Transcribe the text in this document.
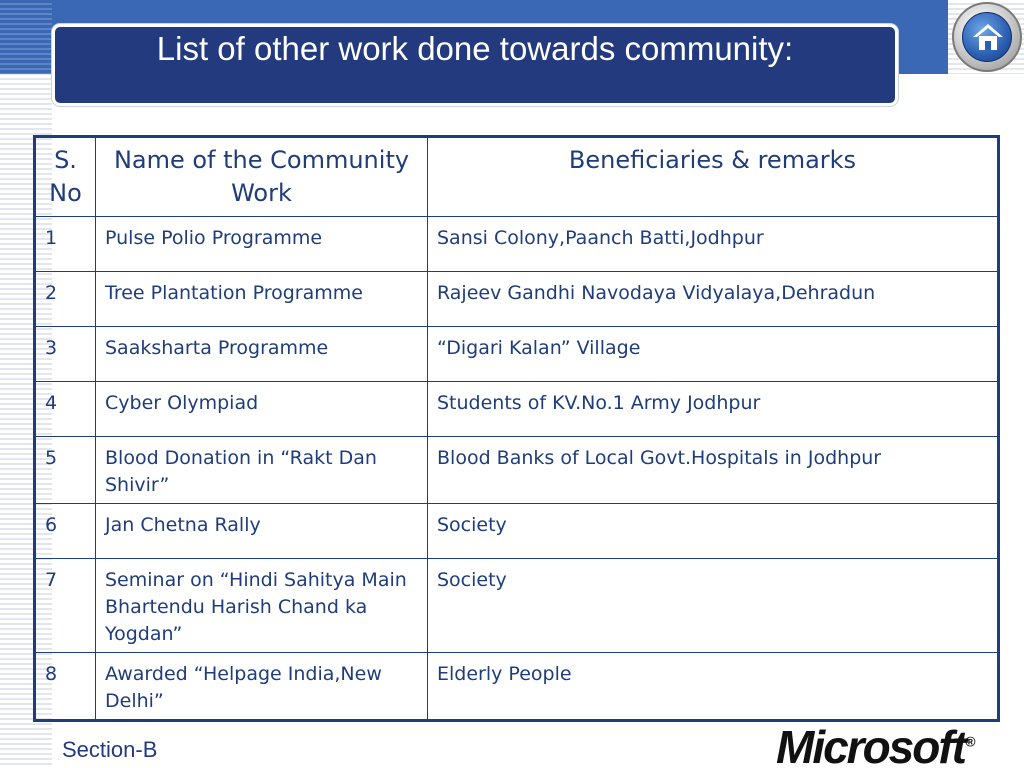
List of other work done towards community:
S. No	Name of the Community Work	Beneficiaries & remarks
1	Pulse Polio Programme	Sansi Colony,Paanch Batti,Jodhpur
2	Tree Plantation Programme	Rajeev Gandhi Navodaya Vidyalaya,Dehradun
3	Saaksharta Programme	“Digari Kalan” Village
4	Cyber Olympiad	Students of KV.No.1 Army Jodhpur
5	Blood Donation in “Rakt Dan Shivir”	Blood Banks of Local Govt.Hospitals in Jodhpur
6	Jan Chetna Rally	Society
7	Seminar on “Hindi Sahitya Main Bhartendu Harish Chand ka Yogdan”	Society
8	Awarded “Helpage India,New Delhi”	Elderly People
Section-B	Microsoft®
